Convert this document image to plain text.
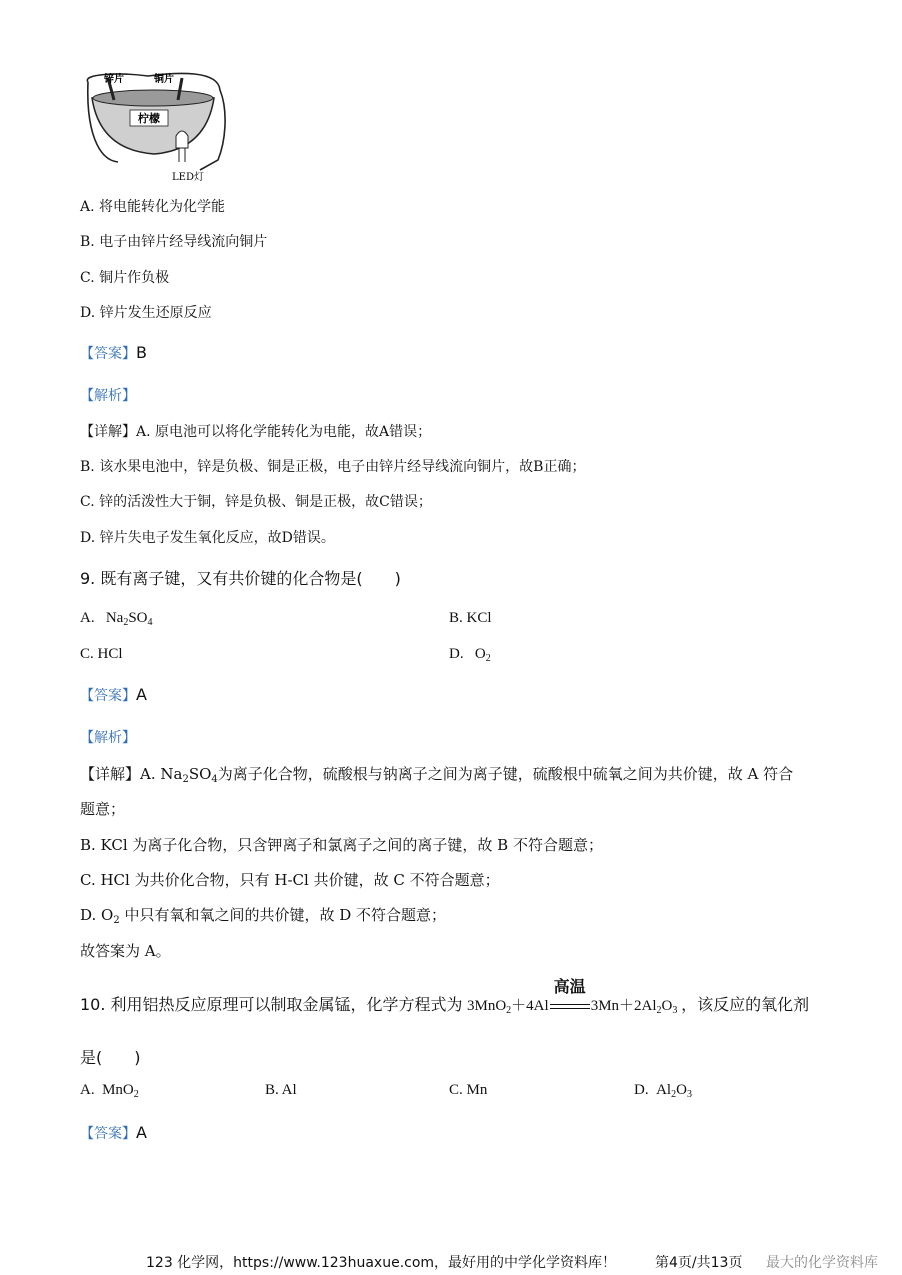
柠檬
锌片	铜片
LED灯
A. 将电能转化为化学能
B. 电子由锌片经导线流向铜片
C. 铜片作负极
D. 锌片发生还原反应
【答案】B
【解析】
【详解】A. 原电池可以将化学能转化为电能，故A错误；
B. 该水果电池中，锌是负极、铜是正极，电子由锌片经导线流向铜片，故B正确；
C. 锌的活泼性大于铜，锌是负极、铜是正极，故C错误；
D. 锌片失电子发生氧化反应，故D错误。
9. 既有离子键，又有共价键的化合物是(　　)
A. $Na_2SO_4$	B. KCl
C. HCl	D. $O_2$
【答案】A
【解析】
【详解】A. $Na_2SO_4$为离子化合物，硫酸根与钠离子之间为离子键，硫酸根中硫氧之间为共价键，故 A 符合
题意；
B. KCl 为离子化合物，只含钾离子和氯离子之间的离子键，故 B 不符合题意；
C. HCl 为共价化合物，只有 H-Cl 共价键，故 C 不符合题意；
D. $O_2$ 中只有氧和氧之间的共价键，故 D 不符合题意；
故答案为 A。
10. 利用铝热反应原理可以制取金属锰，化学方程式为 3MnO$_2$＋4Al
高温
$3Mn+2Al_2O_3$ ，该反应的氧化剂
是(　　)
A. MnO$_2$	B. Al	C. Mn	D. $Al_2O_3$
【答案】A
123 化学网，https://www.123huaxue.com，最好用的中学化学资料库！	第4页/共13页 最大的化学资料库
